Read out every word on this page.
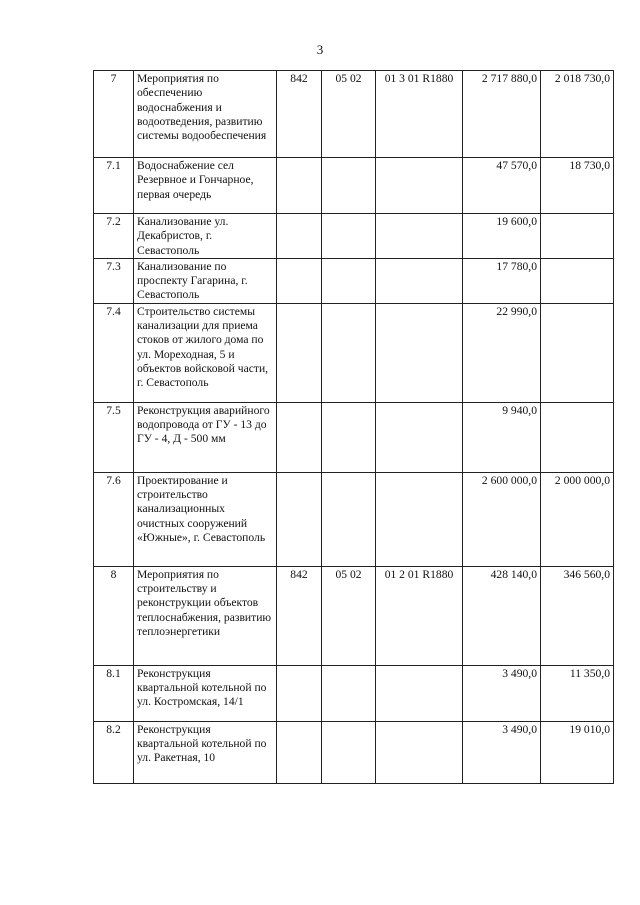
3
7	Мероприятия по обеспечению водоснабжения и водоотведения, развитию системы водообеспечения	842	05 02	01 3 01 R1880	2 717 880,0	2 018 730,0
7.1	Водоснабжение сел Резервное и Гончарное, первая очередь				47 570,0	18 730,0
7.2	Канализование ул. Декабристов, г. Севастополь				19 600,0	
7.3	Канализование по проспекту Гагарина, г. Севастополь				17 780,0	
7.4	Строительство системы канализации для приема стоков от жилого дома по ул. Мореходная, 5 и объектов войсковой части, г. Севастополь				22 990,0	
7.5	Реконструкция аварийного водопровода от ГУ - 13 до ГУ - 4, Д - 500 мм				9 940,0	
7.6	Проектирование и строительство канализационных очистных сооружений «Южные», г. Севастополь				2 600 000,0	2 000 000,0
8	Мероприятия по строительству и реконструкции объектов теплоснабжения, развитию теплоэнергетики	842	05 02	01 2 01 R1880	428 140,0	346 560,0
8.1	Реконструкция квартальной котельной по ул. Костромская, 14/1				3 490,0	11 350,0
8.2	Реконструкция квартальной котельной по ул. Ракетная, 10				3 490,0	19 010,0
